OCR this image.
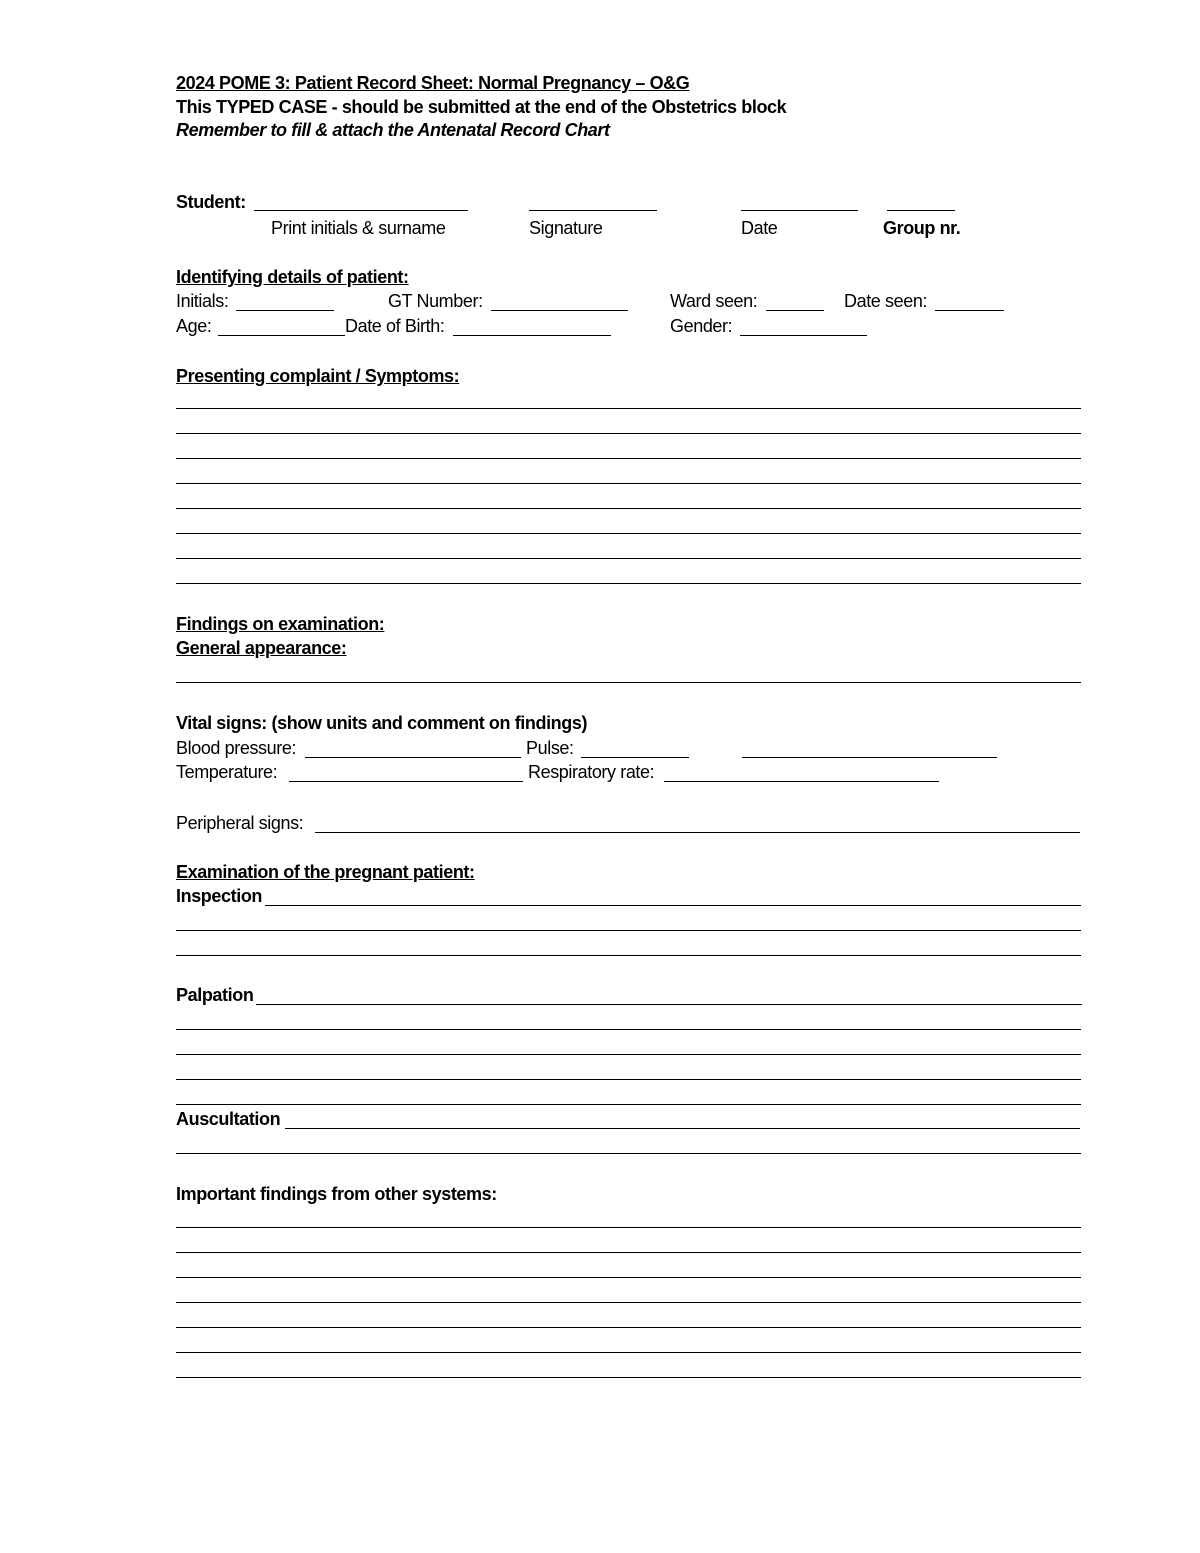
2024 POME 3: Patient Record Sheet: Normal Pregnancy – O&G
This TYPED CASE - should be submitted at the end of the Obstetrics block
Remember to fill & attach the Antenatal Record Chart
Student:
Print initials & surname	Signature	Date	Group nr.
Identifying details of patient:
Initials:	GT Number:	Ward seen:	Date seen:
Age:	Date of Birth:	Gender:
Presenting complaint / Symptoms:
Findings on examination:
General appearance:
Vital signs: (show units and comment on findings)
Blood pressure:	Pulse:
Temperature:	Respiratory rate:
Peripheral signs:
Examination of the pregnant patient:
Inspection
Palpation
Auscultation
Important findings from other systems:
